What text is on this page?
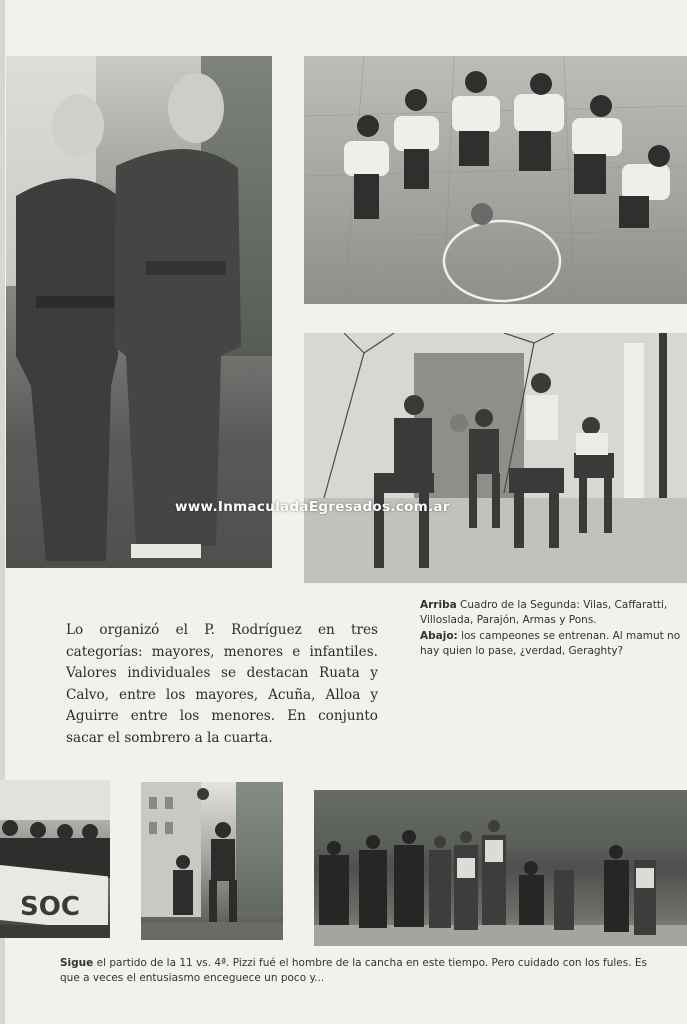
www.InmaculadaEgresados.com.ar

Arriba Cuadro de la Segunda: Vilas, Caffaratti, Villoslada, Parajón, Armas y Pons.

Abajo: los campeones se entrenan. Al mamut no hay quien lo pase, ¿verdad, Geraghty?

Lo organizó el P. Rodríguez en tres categorías: mayores, menores e infantiles. Valores individuales se destacan Ruata y Calvo, entre los mayores, Acuña, Alloa y Aguirre entre los menores. En conjunto sacar el sombrero a la cuarta.
SOC
Sigue el partido de la 11 vs. 4ª. Pizzi fué el hombre de la cancha en este tiempo. Pero cuidado con los fules. Es que a veces el entusiasmo enceguece un poco y...
